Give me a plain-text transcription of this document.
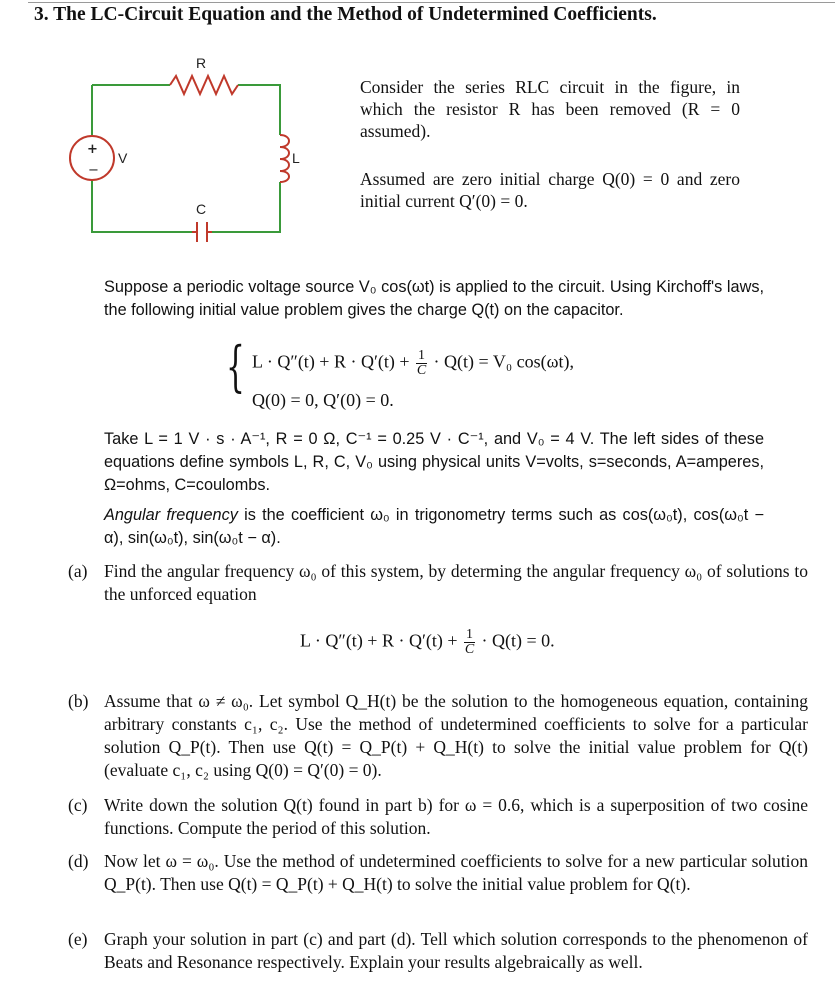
3. The LC-Circuit Equation and the Method of Undetermined Coefficients.
R
L
C
V
+
−
Consider the series RLC circuit in the figure, in which the resistor R has been removed (R = 0 assumed).
Assumed are zero initial charge Q(0) = 0 and zero initial current Q′(0) = 0.
Suppose a periodic voltage source V₀ cos(ωt) is applied to the circuit. Using Kirchoff's laws, the following initial value problem gives the charge Q(t) on the capacitor.
{ $L \cdot Q''(t) + R \cdot Q'(t) + \frac{1}{C} \cdot Q(t) = V_0$ cos(ωt),
Q(0) = 0, Q′(0) = 0.
Take L = 1 V · s · A⁻¹, R = 0 Ω, C⁻¹ = 0.25 V · C⁻¹, and V₀ = 4 V. The left sides of these equations define symbols L, R, C, V₀ using physical units V=volts, s=seconds, A=amperes, Ω=ohms, C=coulombs.
Angular frequency is the coefficient ω₀ in trigonometry terms such as cos(ω₀t), cos(ω₀t − α), sin(ω₀t), sin(ω₀t − α).
(a) Find the angular frequency ω₀ of this system, by determing the angular frequency ω₀ of solutions to the unforced equation
$L \cdot Q''(t) + R \cdot Q'(t) + \frac{1}{C} \cdot Q(t) = 0$.
(b) Assume that ω ≠ ω₀. Let symbol Q_H(t) be the solution to the homogeneous equation, containing arbitrary constants c₁, c₂. Use the method of undetermined coefficients to solve for a particular solution Q_P(t). Then use Q(t) = Q_P(t) + Q_H(t) to solve the initial value problem for Q(t) (evaluate c₁, c₂ using Q(0) = Q′(0) = 0).
(c) Write down the solution Q(t) found in part b) for ω = 0.6, which is a superposition of two cosine functions. Compute the period of this solution.
(d) Now let ω = ω₀. Use the method of undetermined coefficients to solve for a new particular solution Q_P(t). Then use Q(t) = Q_P(t) + Q_H(t) to solve the initial value problem for Q(t).
(e) Graph your solution in part (c) and part (d). Tell which solution corresponds to the phenomenon of Beats and Resonance respectively. Explain your results algebraically as well.
